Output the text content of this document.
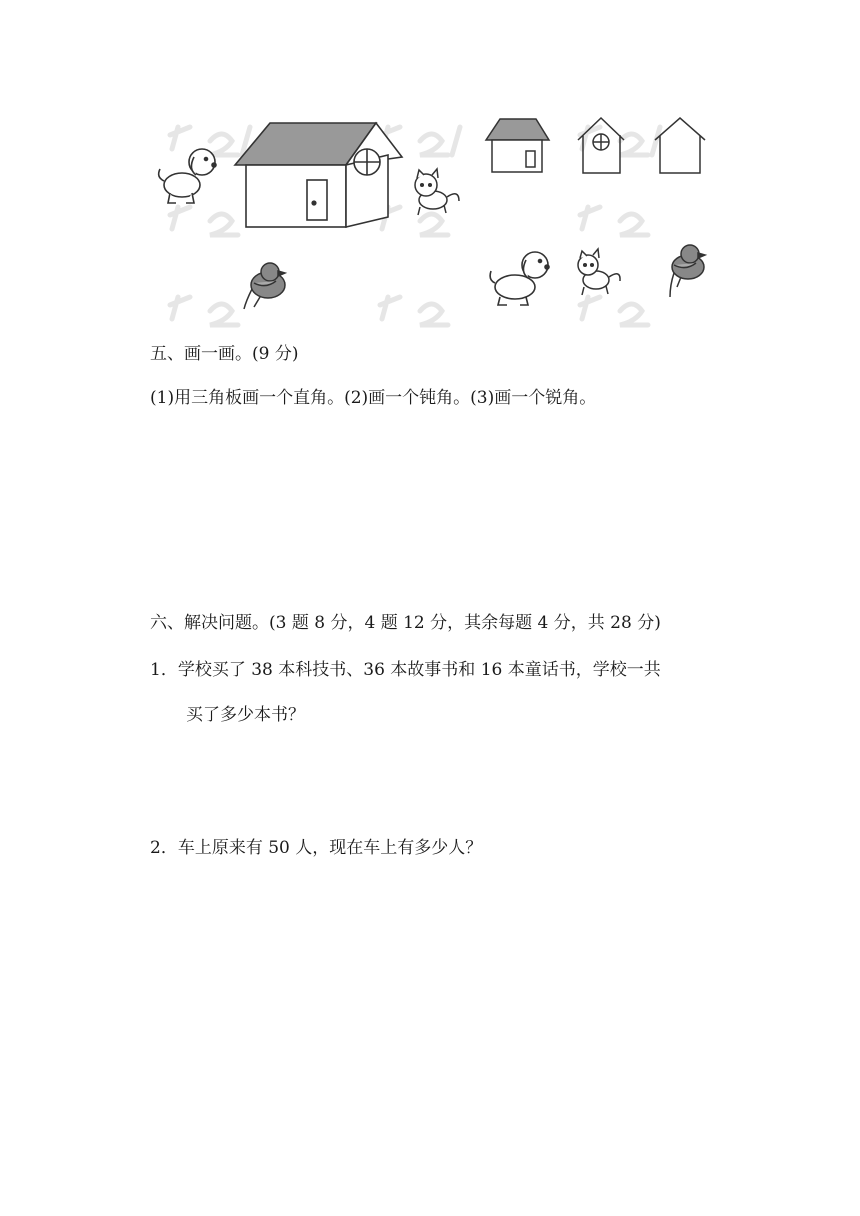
五、画一画。(9 分)
(1)用三角板画一个直角。(2)画一个钝角。(3)画一个锐角。
六、解决问题。(3 题 8 分，4 题 12 分，其余每题 4 分，共 28 分)
1．学校买了 38 本科技书、36 本故事书和 16 本童话书，学校一共
买了多少本书？
2．车上原来有 50 人，现在车上有多少人？
